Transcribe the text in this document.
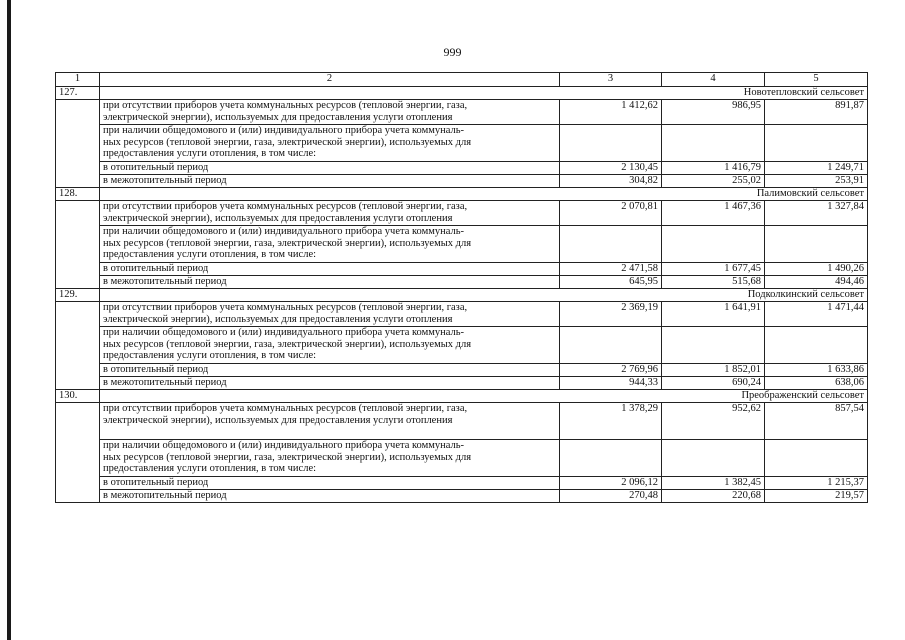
999
1	2	3	4	5
127.	Новотепловский сельсовет			
	при отсутствии приборов учета коммунальных ресурсов (тепловой энергии, газа,
электрической энергии), используемых для предоставления услуги отопления	1 412,62	986,95	891,87
	при наличии общедомового и (или) индивидуального прибора учета коммуналь-
ных ресурсов (тепловой энергии, газа, электрической энергии), используемых для
предоставления услуги отопления, в том числе:			
	в отопительный период	2 130,45	1 416,79	1 249,71
	в межотопительный период	304,82	255,02	253,91
128.	Палимовский сельсовет			
	при отсутствии приборов учета коммунальных ресурсов (тепловой энергии, газа,
электрической энергии), используемых для предоставления услуги отопления	2 070,81	1 467,36	1 327,84
	при наличии общедомового и (или) индивидуального прибора учета коммуналь-
ных ресурсов (тепловой энергии, газа, электрической энергии), используемых для
предоставления услуги отопления, в том числе:			
	в отопительный период	2 471,58	1 677,45	1 490,26
	в межотопительный период	645,95	515,68	494,46
129.	Подколкинский сельсовет			
	при отсутствии приборов учета коммунальных ресурсов (тепловой энергии, газа,
электрической энергии), используемых для предоставления услуги отопления	2 369,19	1 641,91	1 471,44
	при наличии общедомового и (или) индивидуального прибора учета коммуналь-
ных ресурсов (тепловой энергии, газа, электрической энергии), используемых для
предоставления услуги отопления, в том числе:			
	в отопительный период	2 769,96	1 852,01	1 633,86
	в межотопительный период	944,33	690,24	638,06
130.	Преображенский сельсовет			
	при отсутствии приборов учета коммунальных ресурсов (тепловой энергии, газа,
электрической энергии), используемых для предоставления услуги отопления	1 378,29	952,62	857,54
	при наличии общедомового и (или) индивидуального прибора учета коммуналь-
ных ресурсов (тепловой энергии, газа, электрической энергии), используемых для
предоставления услуги отопления, в том числе:			
	в отопительный период	2 096,12	1 382,45	1 215,37
	в межотопительный период	270,48	220,68	219,57
